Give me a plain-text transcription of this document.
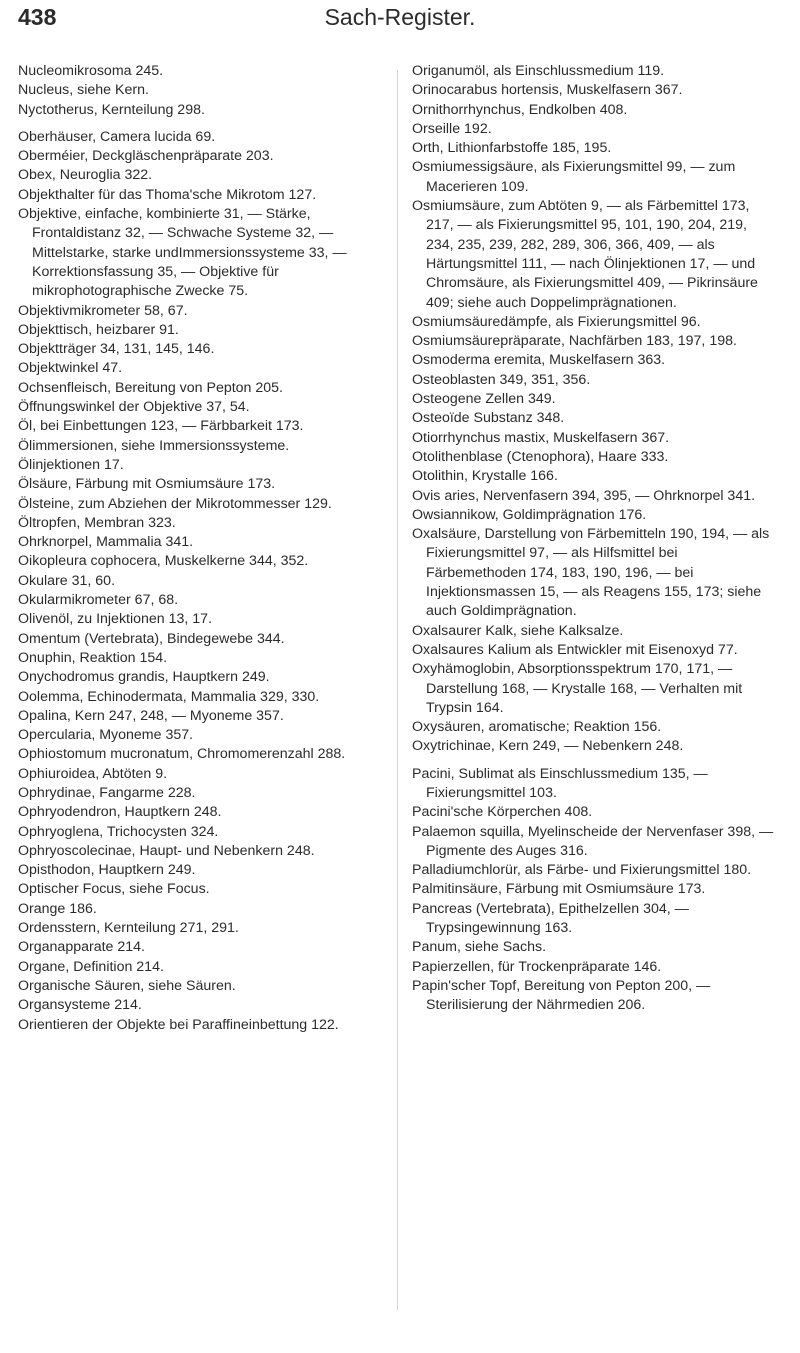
438	Sach-Register.
Nucleomikrosoma 245.
Nucleus, siehe Kern.
Nyctotherus, Kernteilung 298.
Oberhäuser, Camera lucida 69.
Oberméier, Deckgläschenpräparate 203.
Obex, Neuroglia 322.
Objekthalter für das Thoma'sche Mikrotom 127.
Objektive, einfache, kombinierte 31, — Stärke, Frontaldistanz 32, — Schwache Systeme 32, — Mittelstarke, starke undImmersionssysteme 33, — Korrektionsfassung 35, — Objektive für mikrophotographische Zwecke 75.
Objektivmikrometer 58, 67.
Objekttisch, heizbarer 91.
Objektträger 34, 131, 145, 146.
Objektwinkel 47.
Ochsenfleisch, Bereitung von Pepton 205.
Öffnungswinkel der Objektive 37, 54.
Öl, bei Einbettungen 123, — Färbbarkeit 173.
Ölimmersionen, siehe Immersionssysteme.
Ölinjektionen 17.
Ölsäure, Färbung mit Osmiumsäure 173.
Ölsteine, zum Abziehen der Mikrotommesser 129.
Öltropfen, Membran 323.
Ohrknorpel, Mammalia 341.
Oikopleura cophocera, Muskelkerne 344, 352.
Okulare 31, 60.
Okularmikrometer 67, 68.
Olivenöl, zu Injektionen 13, 17.
Omentum (Vertebrata), Bindegewebe 344.
Onuphin, Reaktion 154.
Onychodromus grandis, Hauptkern 249.
Oolemma, Echinodermata, Mammalia 329, 330.
Opalina, Kern 247, 248, — Myoneme 357.
Opercularia, Myoneme 357.
Ophiostomum mucronatum, Chromomerenzahl 288.
Ophiuroidea, Abtöten 9.
Ophrydinae, Fangarme 228.
Ophryodendron, Hauptkern 248.
Ophryoglena, Trichocysten 324.
Ophryoscolecinae, Haupt- und Nebenkern 248.
Opisthodon, Hauptkern 249.
Optischer Focus, siehe Focus.
Orange 186.
Ordensstern, Kernteilung 271, 291.
Organapparate 214.
Organe, Definition 214.
Organische Säuren, siehe Säuren.
Organsysteme 214.
Orientieren der Objekte bei Paraffineinbettung 122.
Origanumöl, als Einschlussmedium 119.
Orinocarabus hortensis, Muskelfasern 367.
Ornithorrhynchus, Endkolben 408.
Orseille 192.
Orth, Lithionfarbstoffe 185, 195.
Osmiumessigsäure, als Fixierungsmittel 99, — zum Macerieren 109.
Osmiumsäure, zum Abtöten 9, — als Färbemittel 173, 217, — als Fixierungsmittel 95, 101, 190, 204, 219, 234, 235, 239, 282, 289, 306, 366, 409, — als Härtungsmittel 111, — nach Ölinjektionen 17, — und Chromsäure, als Fixierungsmittel 409, — Pikrinsäure 409; siehe auch Doppelimprägnationen.
Osmiumsäuredämpfe, als Fixierungsmittel 96.
Osmiumsäurepräparate, Nachfärben 183, 197, 198.
Osmoderma eremita, Muskelfasern 363.
Osteoblasten 349, 351, 356.
Osteogene Zellen 349.
Osteoïde Substanz 348.
Otiorrhynchus mastix, Muskelfasern 367.
Otolithenblase (Ctenophora), Haare 333.
Otolithin, Krystalle 166.
Ovis aries, Nervenfasern 394, 395, — Ohrknorpel 341.
Owsiannikow, Goldimprägnation 176.
Oxalsäure, Darstellung von Färbemitteln 190, 194, — als Fixierungsmittel 97, — als Hilfsmittel bei Färbemethoden 174, 183, 190, 196, — bei Injektionsmassen 15, — als Reagens 155, 173; siehe auch Goldimprägnation.
Oxalsaurer Kalk, siehe Kalksalze.
Oxalsaures Kalium als Entwickler mit Eisenoxyd 77.
Oxyhämoglobin, Absorptionsspektrum 170, 171, — Darstellung 168, — Krystalle 168, — Verhalten mit Trypsin 164.
Oxysäuren, aromatische; Reaktion 156.
Oxytrichinae, Kern 249, — Nebenkern 248.
Pacini, Sublimat als Einschlussmedium 135, — Fixierungsmittel 103.
Pacini'sche Körperchen 408.
Palaemon squilla, Myelinscheide der Nervenfaser 398, — Pigmente des Auges 316.
Palladiumchlorür, als Färbe- und Fixierungsmittel 180.
Palmitinsäure, Färbung mit Osmiumsäure 173.
Pancreas (Vertebrata), Epithelzellen 304, — Trypsingewinnung 163.
Panum, siehe Sachs.
Papierzellen, für Trockenpräparate 146.
Papin'scher Topf, Bereitung von Pepton 200, — Sterilisierung der Nährmedien 206.
